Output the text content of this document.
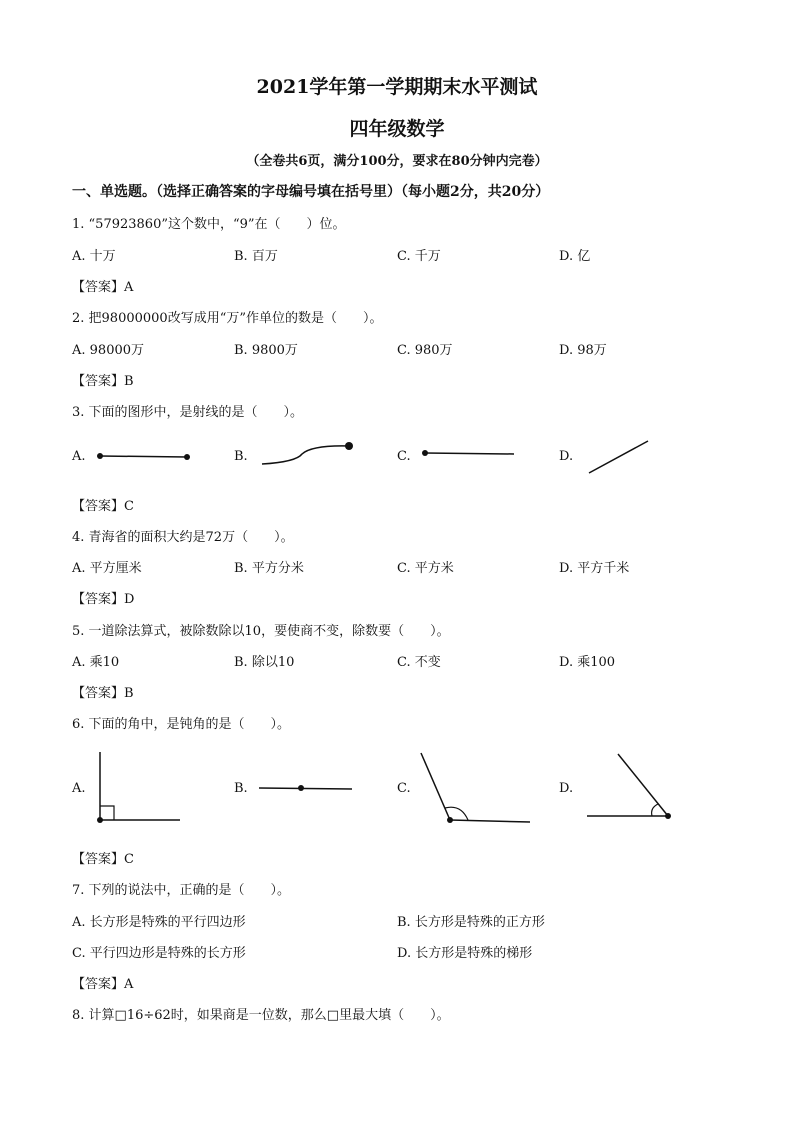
2021学年第一学期期末水平测试
四年级数学
（全卷共6页，满分100分，要求在80分钟内完卷）
一、单选题。（选择正确答案的字母编号填在括号里）（每小题2分，共20分）
1. “57923860”这个数中，“9”在（　　）位。
A. 十万	B. 百万	C. 千万	D. 亿
【答案】A
2. 把98000000改写成用“万”作单位的数是（　　）。
A. 98000万	B. 9800万	C. 980万	D. 98万
【答案】B
3. 下面的图形中，是射线的是（　　）。
A.	B.	C.	D.
【答案】C
4. 青海省的面积大约是72万（　　）。
A. 平方厘米	B. 平方分米	C. 平方米	D. 平方千米
【答案】D
5. 一道除法算式，被除数除以10，要使商不变，除数要（　　）。
A. 乘10	B. 除以10	C. 不变	D. 乘100
【答案】B
6. 下面的角中，是钝角的是（　　）。
A.	B.	C.	D.
【答案】C
7. 下列的说法中，正确的是（　　）。
A. 长方形是特殊的平行四边形	B. 长方形是特殊的正方形
C. 平行四边形是特殊的长方形	D. 长方形是特殊的梯形
【答案】A
8. 计算□16÷62时，如果商是一位数，那么□里最大填（　　）。
